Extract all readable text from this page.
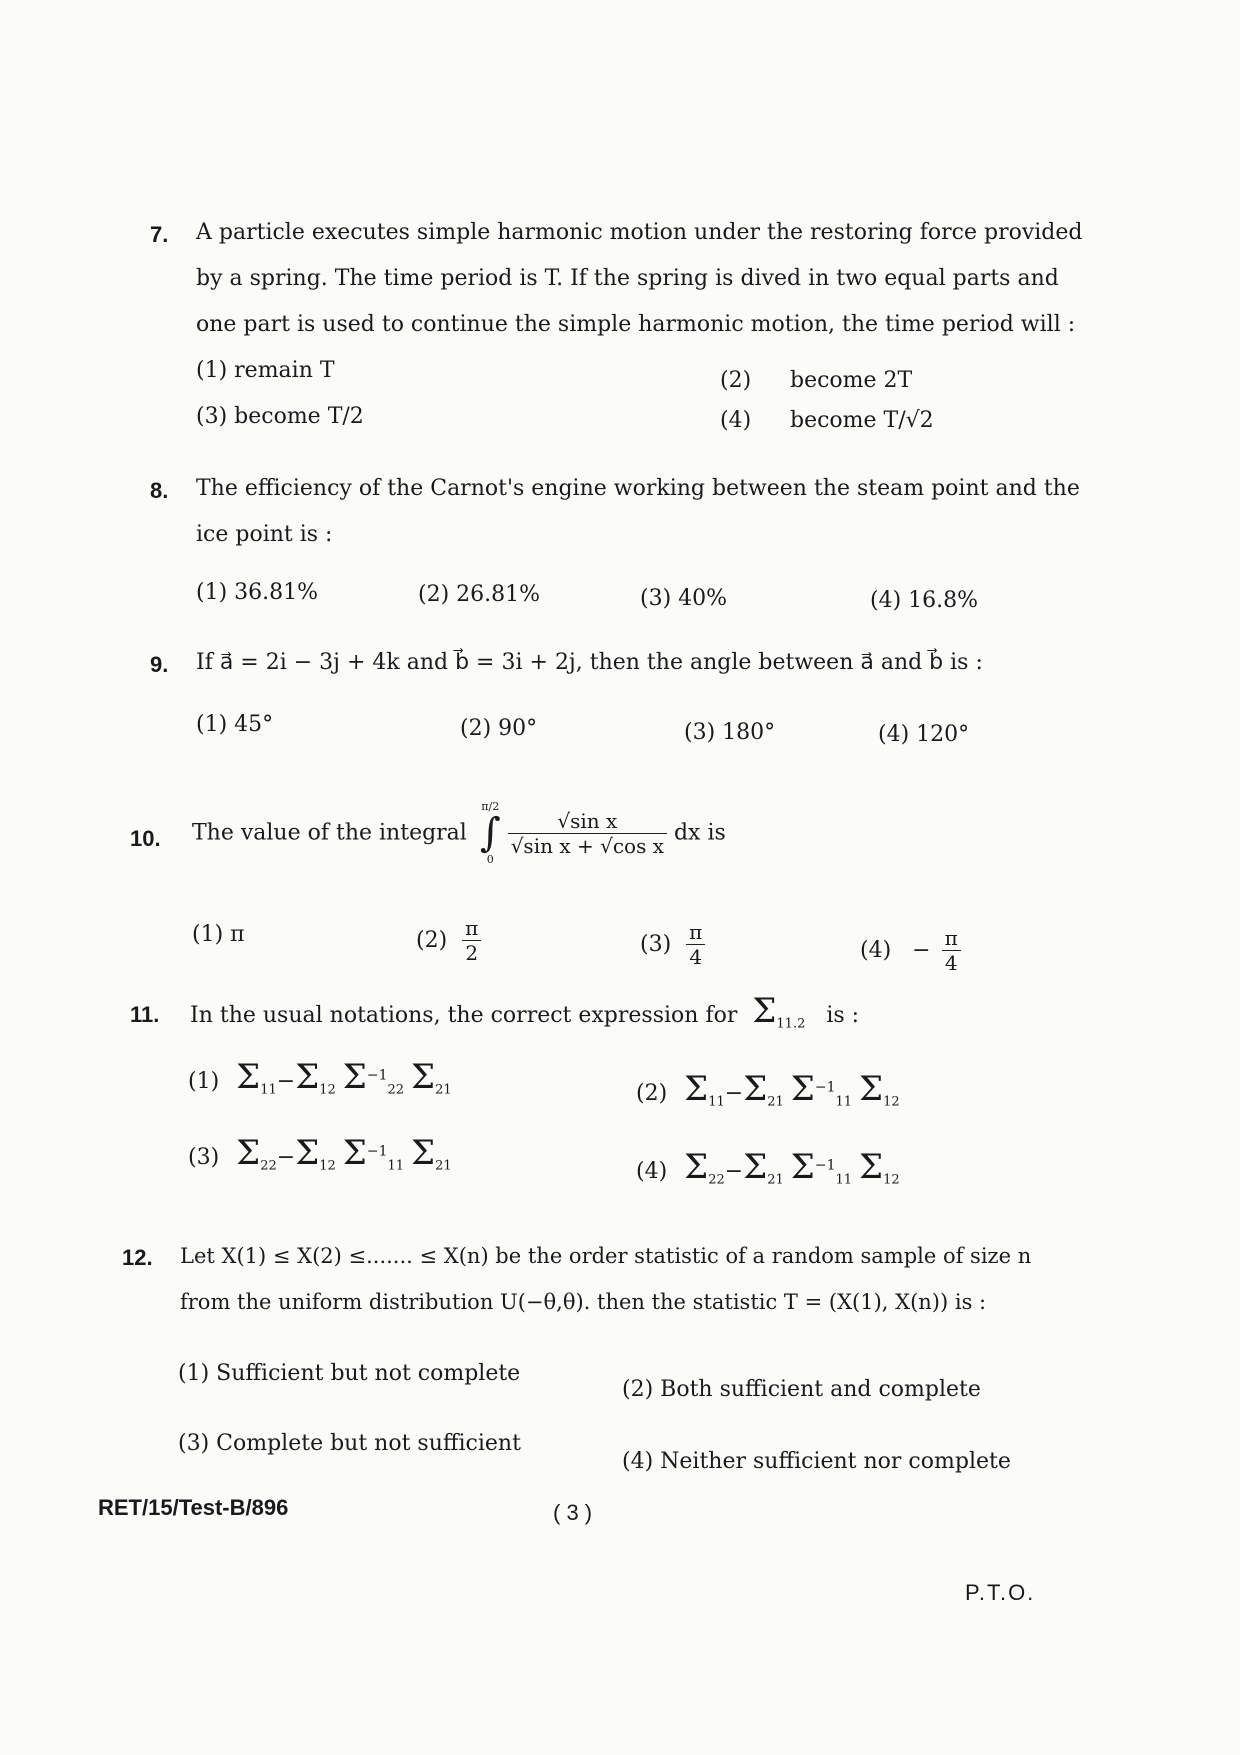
7. A particle executes simple harmonic motion under the restoring force provided
by a spring. The time period is T. If the spring is dived in two equal parts and
one part is used to continue the simple harmonic motion, the time period will :
(1) remain T	(2) become 2T
(3) become T/2	(4) become T/√2
8. The efficiency of the Carnot's engine working between the steam point and the
ice point is :
(1) 36.81%	(2) 26.81%	(3) 40%	(4) 16.8%
9. If a⃗ = 2i − 3j + 4k and b⃗ = 3i + 2j, then the angle between a⃗ and b⃗ is :
(1) 45°	(2) 90°	(3) 180°	(4) 120°
10. The value of the integral
π/2
∫
0

$\frac{\text{√sin x}}{\text{√sin x + √cos x}}$ dx is
(1) π	$(2) \frac{\pi}{2}$	$(3) \frac{\pi}{4}$	$(4) - \frac{\pi}{4}$
11. In the usual notations, the correct expression for $\Sigma_{11.2}$ is :
(1) $\Sigma_{11}-\Sigma_{12}$ $\Sigma^{-1}_{22}$ $\Sigma_{21}$	(2) $\Sigma_{11}-\Sigma_{21}$ $\Sigma^{-1}_{11}$ $\Sigma_{12}$
(3) $\Sigma_{22}-\Sigma_{12}$ $\Sigma^{-1}_{11}$ $\Sigma_{21}$	(4) $\Sigma_{22}-\Sigma_{21}$ $\Sigma^{-1}_{11}$ $\Sigma_{12}$
12. Let X(1) ≤ X(2) ≤....... ≤ X(n) be the order statistic of a random sample of size n
from the uniform distribution U(−θ,θ). then the statistic T = (X(1), X(n)) is :
(1) Sufficient but not complete
(2) Both sufficient and complete
(3) Complete but not sufficient
(4) Neither sufficient nor complete
RET/15/Test-B/896	( 3 )
P.T.O.
